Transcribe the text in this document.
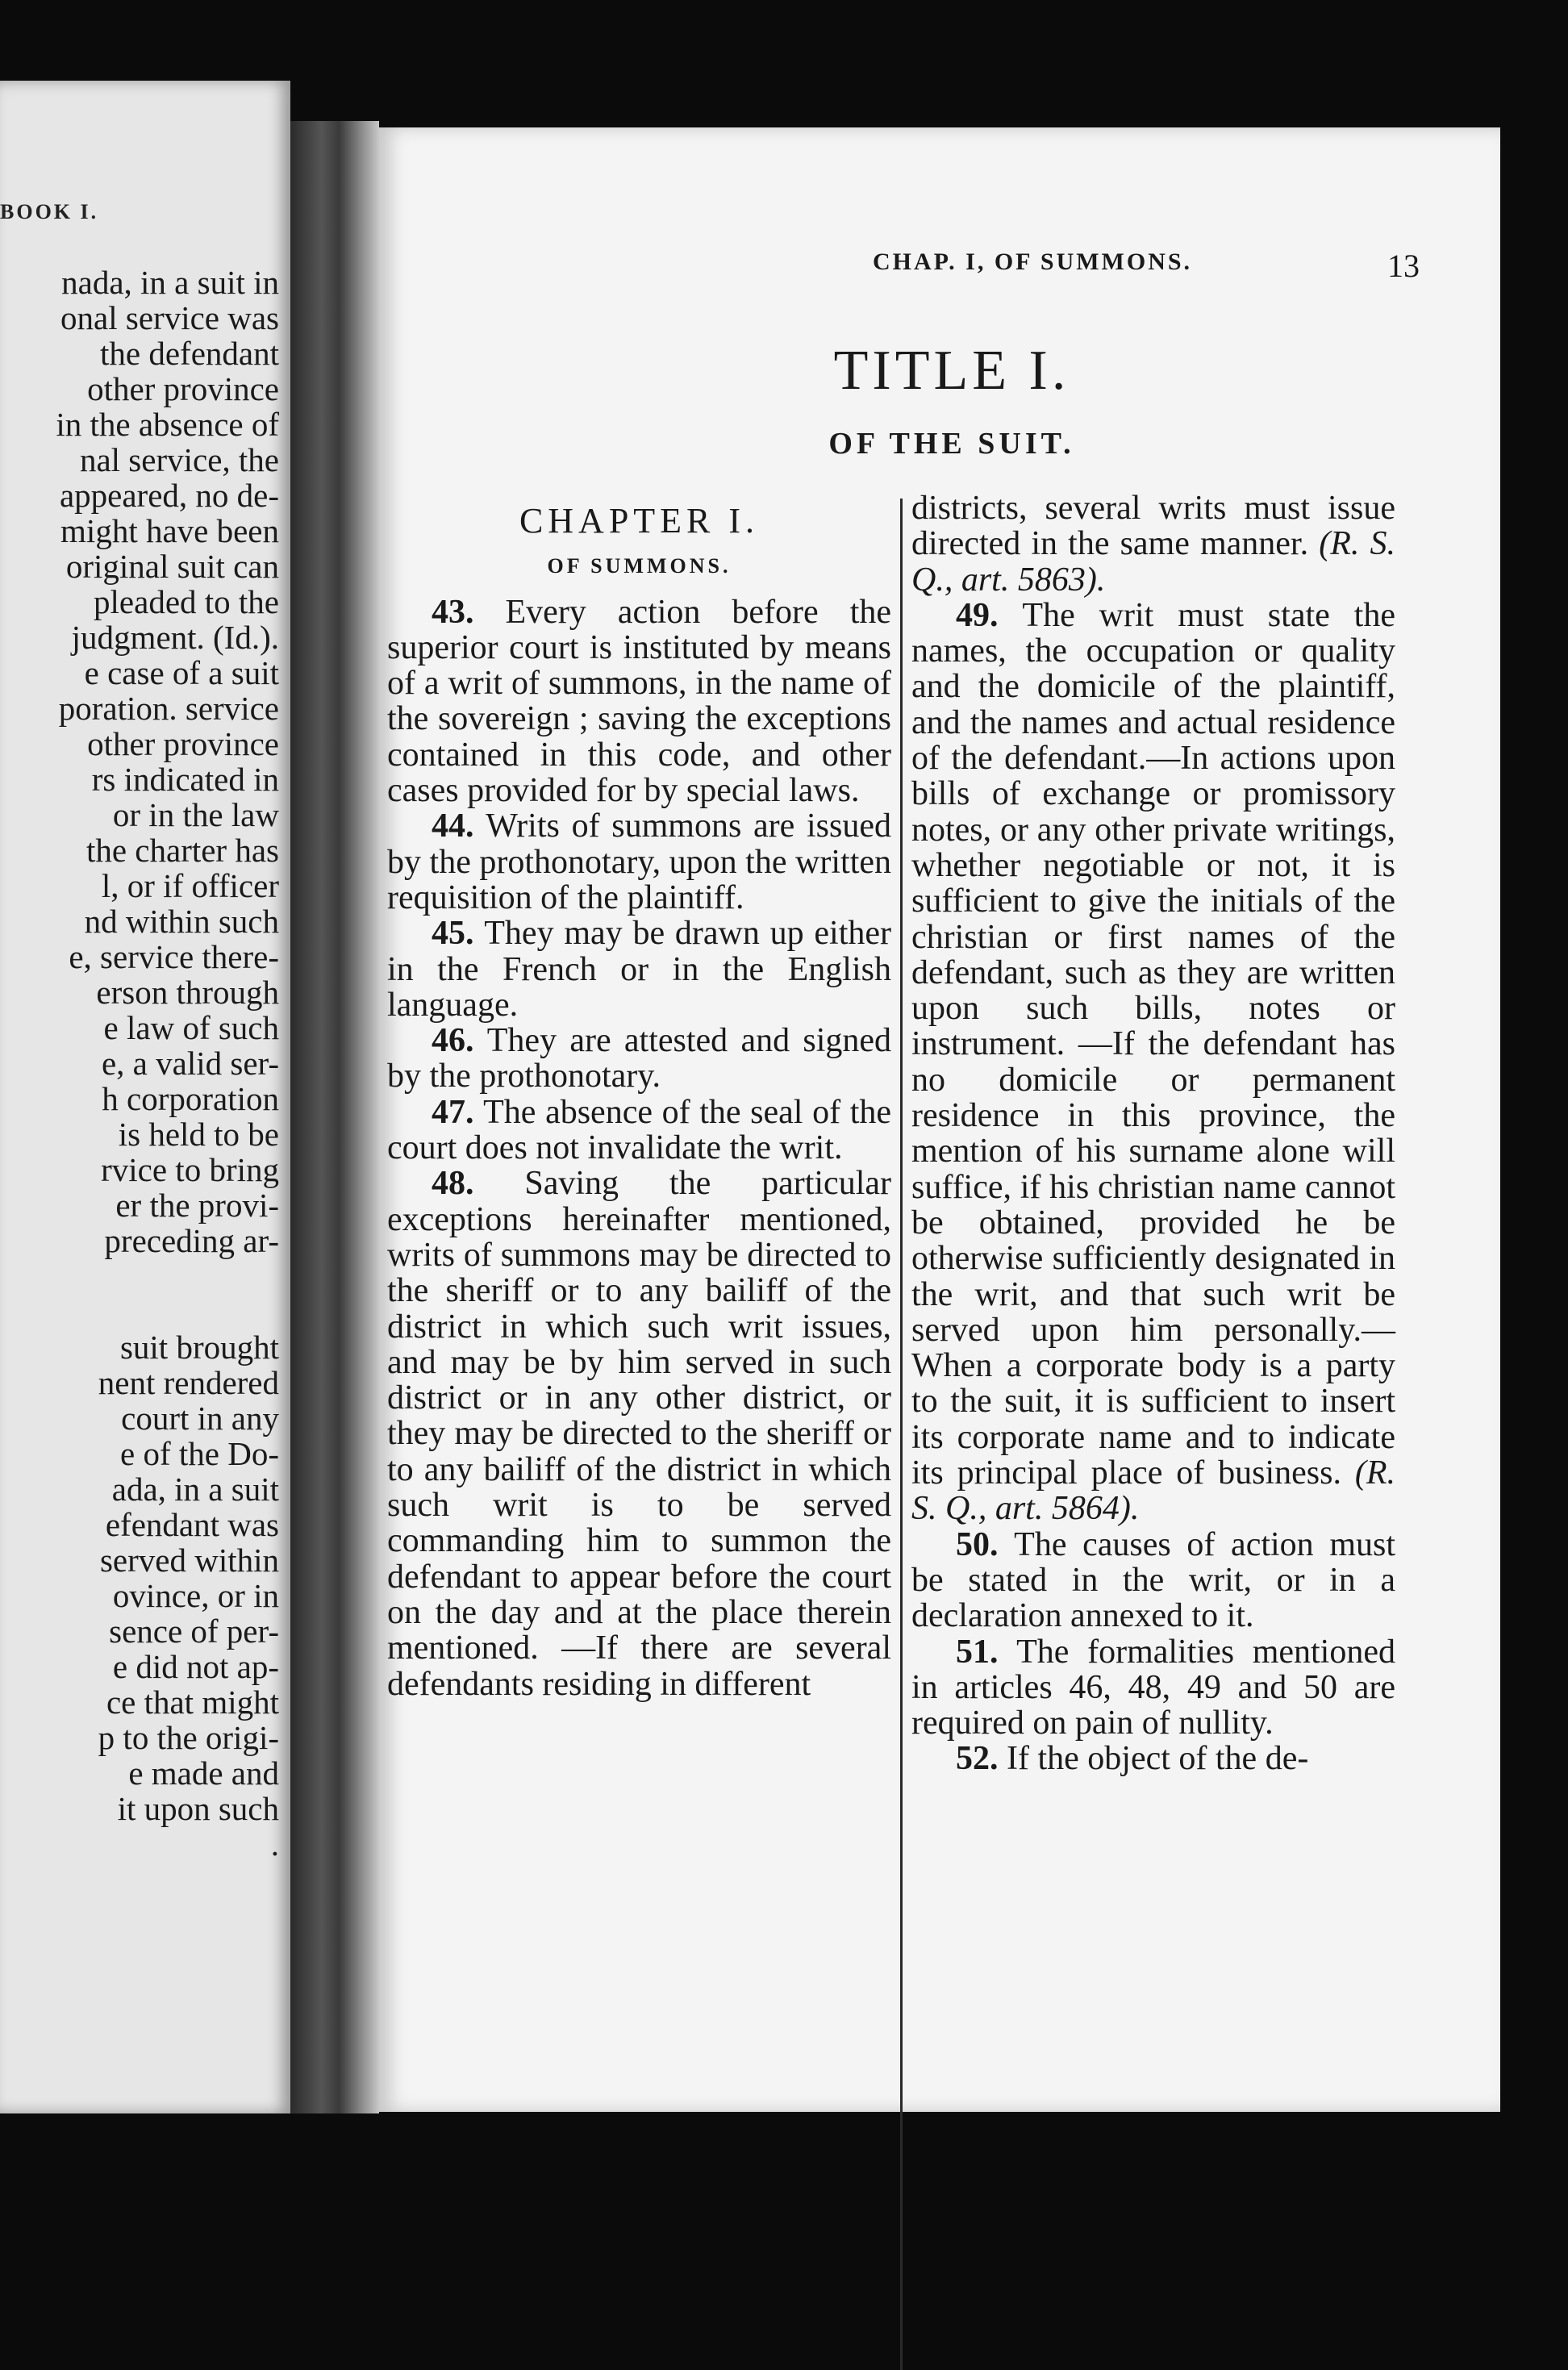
BOOK I.
nada, in a suit in
onal service was
the defendant
other province
in the absence of
nal service, the
appeared, no de-
might have been
original suit can
pleaded to the
judgment. (Id.).
e case of a suit
poration. service
other province
rs indicated in
or in the law
the charter has
l, or if officer
nd within such
e, service there-
erson through
e law of such
e, a valid ser-
h corporation
is held to be
rvice to bring
er the provi-
preceding ar-
suit brought
nent rendered
court in any
e of the Do-
ada, in a suit
efendant was
served within
ovince, or in
sence of per-
e did not ap-
ce that might
p to the origi-
e made and
it upon such
.
CHAP. I, OF SUMMONS.	13
TITLE I.
OF THE SUIT.
CHAPTER I.
OF SUMMONS.

43. Every action before the superior court is instituted by means of a writ of summons, in the name of the sovereign ; saving the exceptions contained in this code, and other cases provided for by special laws.

44. Writs of summons are issued by the prothonotary, upon the written requisition of the plaintiff.

45. They may be drawn up either in the French or in the English language.

46. They are attested and signed by the prothonotary.

47. The absence of the seal of the court does not invalidate the writ.

48. Saving the particular exceptions hereinafter mentioned, writs of summons may be directed to the sheriff or to any bailiff of the district in which such writ issues, and may be by him served in such district or in any other district, or they may be directed to the sheriff or to any bailiff of the district in which such writ is to be served commanding him to summon the defendant to appear before the court on the day and at the place therein mentioned. —If there are several defendants residing in different

districts, several writs must issue directed in the same manner. (R. S. Q., art. 5863).

49. The writ must state the names, the occupation or quality and the domicile of the plaintiff, and the names and actual residence of the defendant.—In actions upon bills of exchange or promissory notes, or any other private writings, whether negotiable or not, it is sufficient to give the initials of the christian or first names of the defendant, such as they are written upon such bills, notes or instrument. —If the defendant has no domicile or permanent residence in this province, the mention of his surname alone will suffice, if his christian name cannot be obtained, provided he be otherwise sufficiently designated in the writ, and that such writ be served upon him personally.—When a corporate body is a party to the suit, it is sufficient to insert its corporate name and to indicate its principal place of business. (R. S. Q., art. 5864).

50. The causes of action must be stated in the writ, or in a declaration annexed to it.

51. The formalities mentioned in articles 46, 48, 49 and 50 are required on pain of nullity.

52. If the object of the de-
